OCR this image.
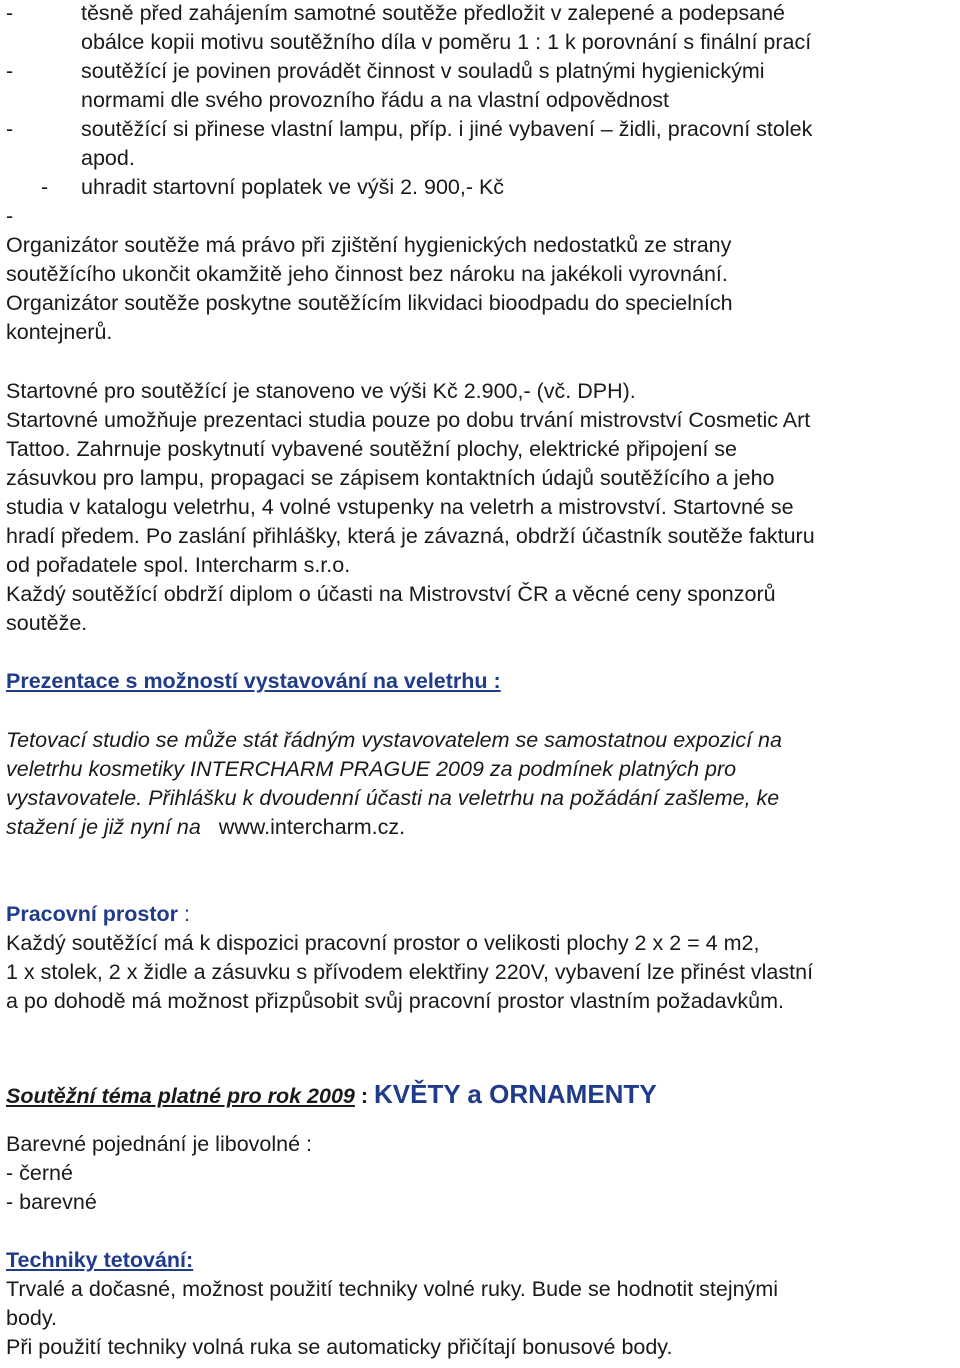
-	těsně před zahájením samotné soutěže předložit v zalepené a podepsané
obálce kopii motivu soutěžního díla v poměru 1 : 1 k porovnání s finální prací
-	soutěžící je povinen provádět činnost v souladů s platnými hygienickými
normami dle svého provozního řádu a na vlastní odpovědnost
-	soutěžící si přinese vlastní lampu, příp. i jiné vybavení – židli, pracovní stolek
apod.
- uhradit startovní poplatek ve výši 2. 900,- Kč
-
Organizátor soutěže má právo při zjištění hygienických nedostatků ze strany
soutěžícího ukončit okamžitě jeho činnost bez nároku na jakékoli vyrovnání.
Organizátor soutěže poskytne soutěžícím likvidaci bioodpadu do specielních
kontejnerů.
Startovné pro soutěžící je stanoveno ve výši Kč 2.900,- (vč. DPH).
Startovné umožňuje prezentaci studia pouze po dobu trvání mistrovství Cosmetic Art
Tattoo. Zahrnuje poskytnutí vybavené soutěžní plochy, elektrické připojení se
zásuvkou pro lampu, propagaci se zápisem kontaktních údajů soutěžícího a jeho
studia v katalogu veletrhu, 4 volné vstupenky na veletrh a mistrovství. Startovné se
hradí předem. Po zaslání přihlášky, která je závazná, obdrží účastník soutěže fakturu
od pořadatele spol. Intercharm s.r.o.
Každý soutěžící obdrží diplom o účasti na Mistrovství ČR a věcné ceny sponzorů
soutěže.
Prezentace s možností vystavování na veletrhu :
Tetovací studio se může stát řádným vystavovatelem se samostatnou expozicí na
veletrhu kosmetiky INTERCHARM PRAGUE 2009 za podmínek platných pro
vystavovatele. Přihlášku k dvoudenní účasti na veletrhu na požádání zašleme, ke
stažení je již nyní na www.intercharm.cz.
Pracovní prostor :
Každý soutěžící má k dispozici pracovní prostor o velikosti plochy 2 x 2 = 4 m2,
1 x stolek, 2 x židle a zásuvku s přívodem elektřiny 220V, vybavení lze přinést vlastní
a po dohodě má možnost přizpůsobit svůj pracovní prostor vlastním požadavkům.
Soutěžní téma platné pro rok 2009 : KVĚTY a ORNAMENTY
Barevné pojednání je libovolné :
- černé
- barevné
Techniky tetování:
Trvalé a dočasné, možnost použití techniky volné ruky. Bude se hodnotit stejnými
body.
Při použití techniky volná ruka se automaticky přičítají bonusové body.
